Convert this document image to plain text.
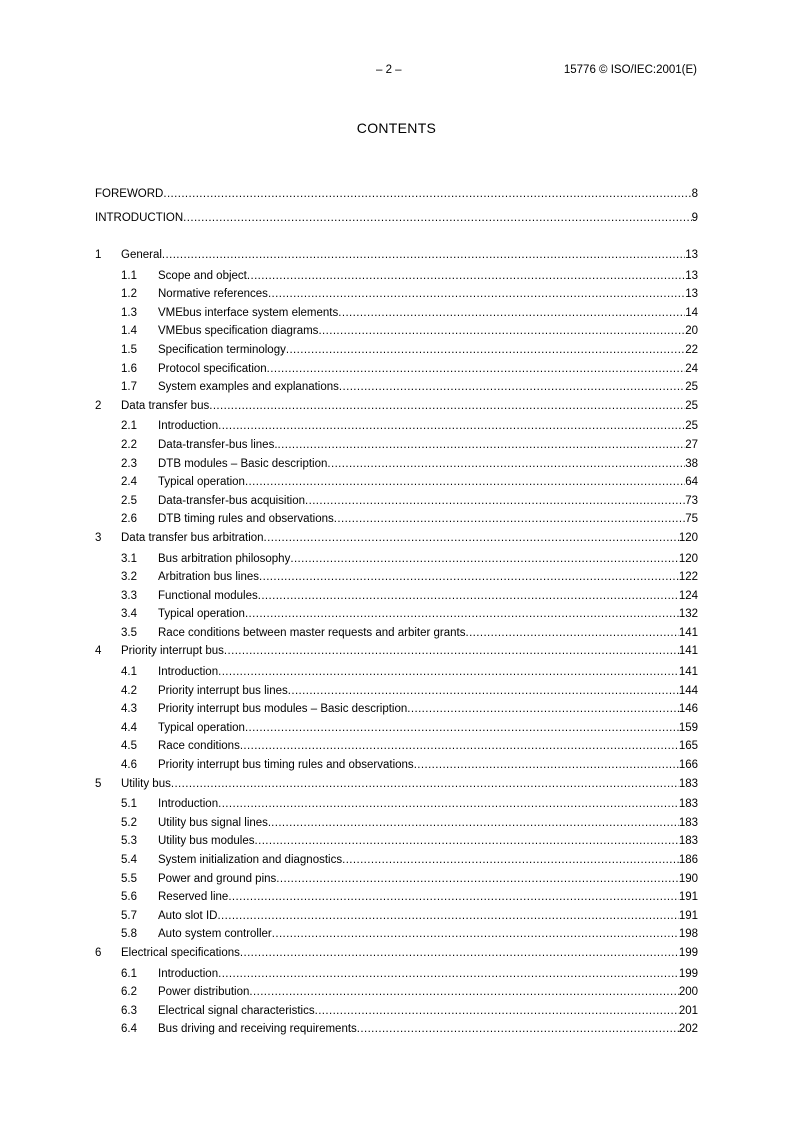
– 2 –	15776 © ISO/IEC:2001(E)
CONTENTS
FOREWORD .....	8
INTRODUCTION .....	9
1	General .....	13
1.1	Scope and object .....	13
1.2	Normative references .....	13
1.3	VMEbus interface system elements .....	14
1.4	VMEbus specification diagrams .....	20
1.5	Specification terminology .....	22
1.6	Protocol specification .....	24
1.7	System examples and explanations .....	25
2	Data transfer bus .....	25
2.1	Introduction .....	25
2.2	Data-transfer-bus lines. .....	27
2.3	DTB modules – Basic description .....	38
2.4	Typical operation .....	64
2.5	Data-transfer-bus acquisition .....	73
2.6	DTB timing rules and observations .....	75
3	Data transfer bus arbitration .....	120
3.1	Bus arbitration philosophy .....	120
3.2	Arbitration bus lines .....	122
3.3	Functional modules .....	124
3.4	Typical operation .....	132
3.5	Race conditions between master requests and arbiter grants .....	141
4	Priority interrupt bus .....	141
4.1	Introduction .....	141
4.2	Priority interrupt bus lines .....	144
4.3	Priority interrupt bus modules – Basic description .....	146
4.4	Typical operation .....	159
4.5	Race conditions .....	165
4.6	Priority interrupt bus timing rules and observations .....	166
5	Utility bus .....	183
5.1	Introduction .....	183
5.2	Utility bus signal lines. .....	183
5.3	Utility bus modules .....	183
5.4	System initialization and diagnostics .....	186
5.5	Power and ground pins .....	190
5.6	Reserved line .....	191
5.7	Auto slot ID .....	191
5.8	Auto system controller .....	198
6	Electrical specifications .....	199
6.1	Introduction .....	199
6.2	Power distribution .....	200
6.3	Electrical signal characteristics .....	201
6.4	Bus driving and receiving requirements .....	202
